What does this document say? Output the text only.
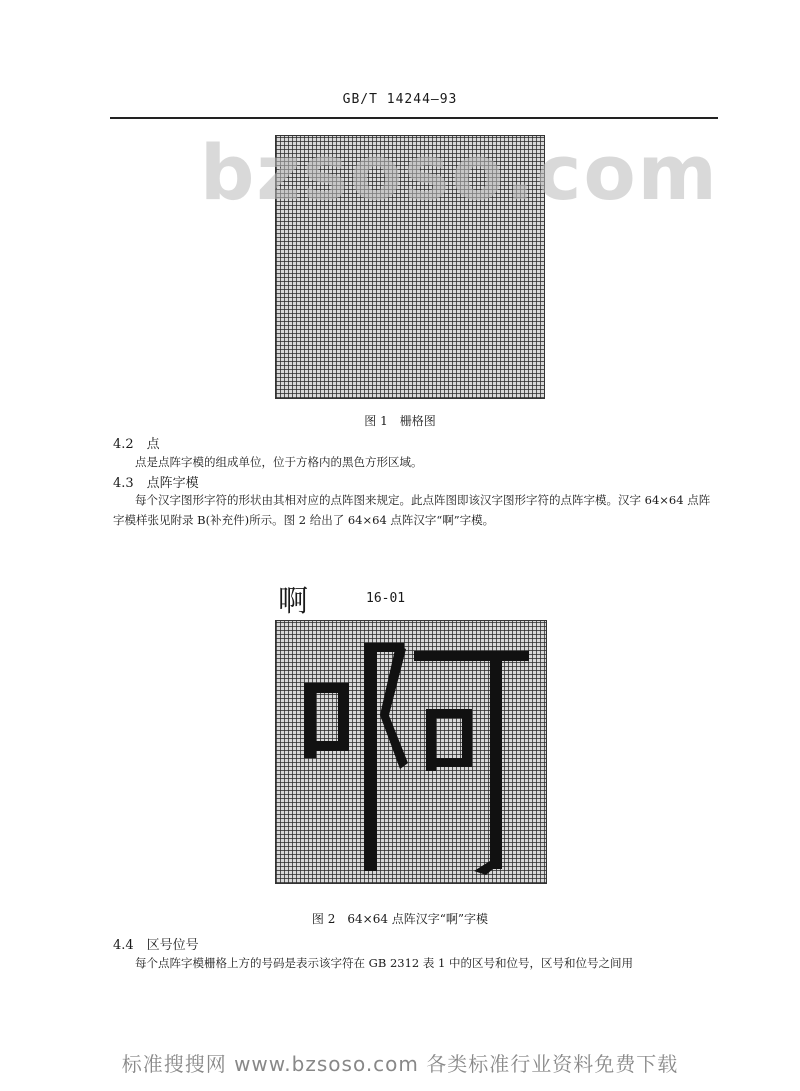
GB/T 14244—93
bzsoso.com
图 1　栅格图
4.2　点
点是点阵字模的组成单位，位于方格内的黑色方形区域。
4.3　点阵字模
每个汉字图形字符的形状由其相对应的点阵图来规定。此点阵图即该汉字图形字符的点阵字模。汉字 64×64 点阵字模样张见附录 B(补充件)所示。图 2 给出了 64×64 点阵汉字“啊”字模。
啊	16-01
图 2　64×64 点阵汉字“啊”字模
4.4　区号位号
每个点阵字模栅格上方的号码是表示该字符在 GB 2312 表 1 中的区号和位号，区号和位号之间用
标准搜搜网 www.bzsoso.com 各类标准行业资料免费下载
